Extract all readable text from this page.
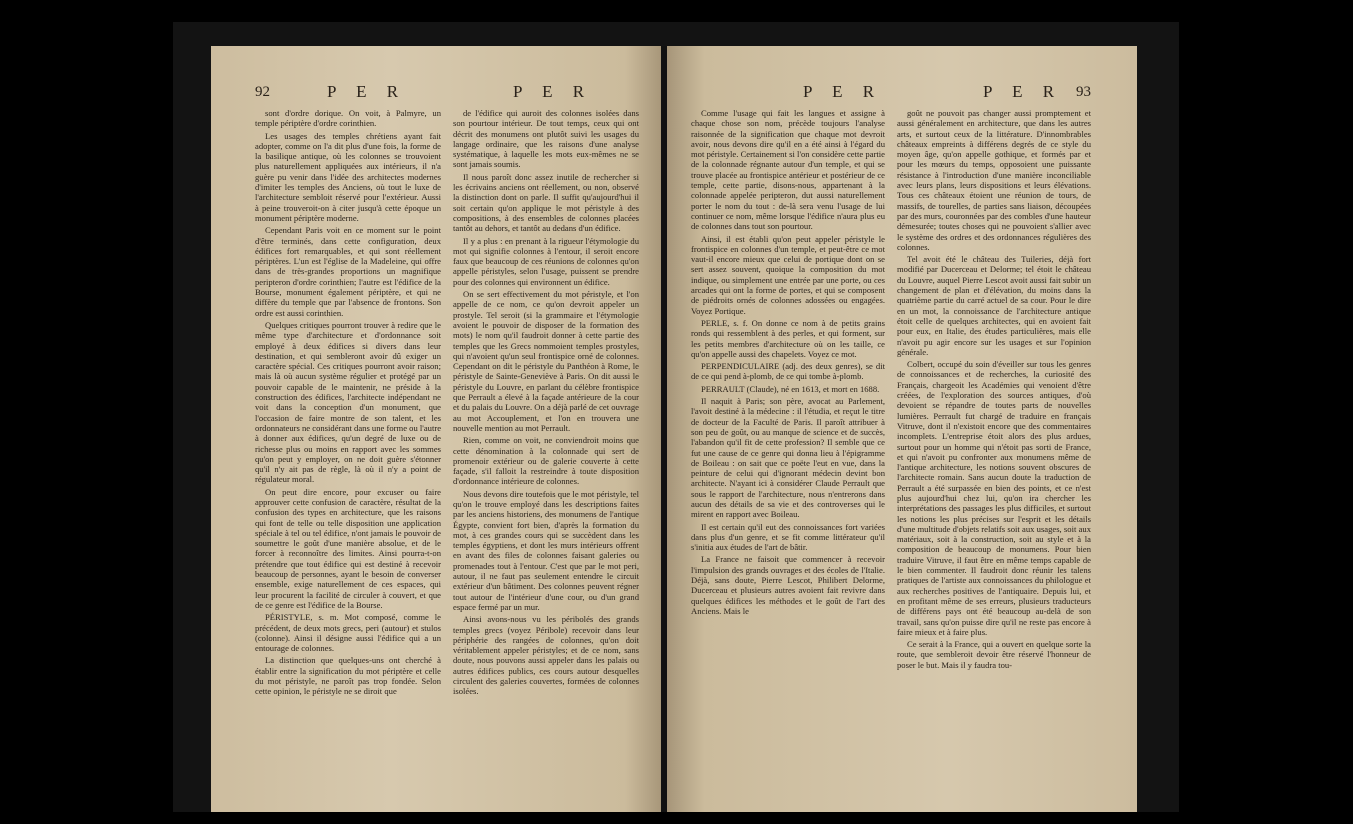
92	P E R	P E R

sont d'ordre dorique. On voit, à Palmyre, un temple périptère d'ordre corinthien.

Les usages des temples chrétiens ayant fait adopter, comme on l'a dit plus d'une fois, la forme de la basilique antique, où les colonnes se trouvoient plus naturellement appliquées aux intérieurs, il n'a guère pu venir dans l'idée des architectes modernes d'imiter les temples des Anciens, où tout le luxe de l'architecture sembloit réservé pour l'extérieur. Aussi à peine trouveroit-on à citer jusqu'à cette époque un monument périptère moderne.

Cependant Paris voit en ce moment sur le point d'être terminés, dans cette configuration, deux édifices fort remarquables, et qui sont réellement périptères. L'un est l'église de la Madeleine, qui offre dans de très-grandes proportions un magnifique peripteron d'ordre corinthien; l'autre est l'édifice de la Bourse, monument également périptère, et qui ne diffère du temple que par l'absence de frontons. Son ordre est aussi corinthien.

Quelques critiques pourront trouver à redire que le même type d'architecture et d'ordonnance soit employé à deux édifices si divers dans leur destination, et qui sembleront avoir dû exiger un caractère spécial. Ces critiques pourront avoir raison; mais là où aucun système régulier et protégé par un pouvoir capable de le maintenir, ne préside à la construction des édifices, l'architecte indépendant ne voit dans la conception d'un monument, que l'occasion de faire montre de son talent, et les ordonnateurs ne considérant dans une forme ou l'autre à donner aux édifices, qu'un degré de luxe ou de richesse plus ou moins en rapport avec les sommes qu'on peut y employer, on ne doit guère s'étonner qu'il n'y ait pas de règle, là où il n'y a point de régulateur moral.

On peut dire encore, pour excuser ou faire approuver cette confusion de caractère, résultat de la confusion des types en architecture, que les raisons qui font de telle ou telle disposition une application spéciale à tel ou tel édifice, n'ont jamais le pouvoir de soumettre le goût d'une manière absolue, et de le forcer à reconnoître des limites. Ainsi pourra-t-on prétendre que tout édifice qui est destiné à recevoir beaucoup de personnes, ayant le besoin de converser ensemble, exige naturellement de ces espaces, qui leur procurent la facilité de circuler à couvert, et que de ce genre est l'édifice de la Bourse.

PÉRISTYLE, s. m. Mot composé, comme le précédent, de deux mots grecs, peri (autour) et stulos (colonne). Ainsi il désigne aussi l'édifice qui a un entourage de colonnes.

La distinction que quelques-uns ont cherché à établir entre la signification du mot périptère et celle du mot péristyle, ne paroît pas trop fondée. Selon cette opinion, le péristyle ne se diroit que

de l'édifice qui auroit des colonnes isolées dans son pourtour intérieur. De tout temps, ceux qui ont décrit des monumens ont plutôt suivi les usages du langage ordinaire, que les raisons d'une analyse systématique, à laquelle les mots eux-mêmes ne se sont jamais soumis.

Il nous paroît donc assez inutile de rechercher si les écrivains anciens ont réellement, ou non, observé la distinction dont on parle. Il suffit qu'aujourd'hui il soit certain qu'on applique le mot péristyle à des compositions, à des ensembles de colonnes placées tantôt au dehors, et tantôt au dedans d'un édifice.

Il y a plus : en prenant à la rigueur l'étymologie du mot qui signifie colonnes à l'entour, il seroit encore faux que beaucoup de ces réunions de colonnes qu'on appelle péristyles, selon l'usage, puissent se prendre pour des colonnes qui environnent un édifice.

On se sert effectivement du mot péristyle, et l'on appelle de ce nom, ce qu'on devroit appeler un prostyle. Tel seroit (si la grammaire et l'étymologie avoient le pouvoir de disposer de la formation des mots) le nom qu'il faudroit donner à cette partie des temples que les Grecs nommoient temples prostyles, qui n'avoient qu'un seul frontispice orné de colonnes. Cependant on dit le péristyle du Panthéon à Rome, le péristyle de Sainte-Geneviève à Paris. On dit aussi le péristyle du Louvre, en parlant du célèbre frontispice que Perrault a élevé à la façade antérieure de la cour et du palais du Louvre. On a déjà parlé de cet ouvrage au mot Accouplement, et l'on en trouvera une nouvelle mention au mot Perrault.

Rien, comme on voit, ne conviendroit moins que cette dénomination à la colonnade qui sert de promenoir extérieur ou de galerie couverte à cette façade, s'il falloit la restreindre à toute disposition d'ordonnance intérieure de colonnes.

Nous devons dire toutefois que le mot péristyle, tel qu'on le trouve employé dans les descriptions faites par les anciens historiens, des monumens de l'antique Égypte, convient fort bien, d'après la formation du mot, à ces grandes cours qui se succèdent dans les temples égyptiens, et dont les murs intérieurs offrent en avant des files de colonnes faisant galeries ou promenades tout à l'entour. C'est que par le mot peri, autour, il ne faut pas seulement entendre le circuit extérieur d'un bâtiment. Des colonnes peuvent régner tout autour de l'intérieur d'une cour, ou d'un grand espace fermé par un mur.

Ainsi avons-nous vu les péribolés des grands temples grecs (voyez Péribole) recevoir dans leur périphérie des rangées de colonnes, qu'on doit véritablement appeler péristyles; et de ce nom, sans doute, nous pouvons aussi appeler dans les palais ou autres édifices publics, ces cours autour desquelles circulent des galeries couvertes, formées de colonnes isolées.

P E R	P E R 93

Comme l'usage qui fait les langues et assigne à chaque chose son nom, précède toujours l'analyse raisonnée de la signification que chaque mot devroit avoir, nous devons dire qu'il en a été ainsi à l'égard du mot péristyle. Certainement si l'on considère cette partie de la colonnade régnante autour d'un temple, et qui se trouve placée au frontispice antérieur et postérieur de ce temple, cette partie, disons-nous, appartenant à la colonnade appelée peripteron, dut aussi naturellement porter le nom du tout : de-là sera venu l'usage de lui continuer ce nom, même lorsque l'édifice n'aura plus eu de colonnes dans tout son pourtour.

Ainsi, il est établi qu'on peut appeler péristyle le frontispice en colonnes d'un temple, et peut-être ce mot vaut-il encore mieux que celui de portique dont on se sert assez souvent, quoique la composition du mot indique, ou simplement une entrée par une porte, ou ces arcades qui ont la forme de portes, et qui se composent de piédroits ornés de colonnes adossées ou engagées. Voyez Portique.

PERLE, s. f. On donne ce nom à de petits grains ronds qui ressemblent à des perles, et qui forment, sur les petits membres d'architecture où on les taille, ce qu'on appelle aussi des chapelets. Voyez ce mot.

PERPENDICULAIRE (adj. des deux genres), se dit de ce qui pend à-plomb, de ce qui tombe à-plomb.

PERRAULT (Claude), né en 1613, et mort en 1688.

Il naquit à Paris; son père, avocat au Parlement, l'avoit destiné à la médecine : il l'étudia, et reçut le titre de docteur de la Faculté de Paris. Il paroît attribuer à son peu de goût, ou au manque de science et de succès, l'abandon qu'il fit de cette profession? Il semble que ce fut une cause de ce genre qui donna lieu à l'épigramme de Boileau : on sait que ce poëte l'eut en vue, dans la peinture de celui qui d'ignorant médecin devint bon architecte. N'ayant ici à considérer Claude Perrault que sous le rapport de l'architecture, nous n'entrerons dans aucun des détails de sa vie et des controverses qui le mirent en rapport avec Boileau.

Il est certain qu'il eut des connoissances fort variées dans plus d'un genre, et se fit comme littérateur qu'il s'initia aux études de l'art de bâtir.

La France ne faisoit que commencer à recevoir l'impulsion des grands ouvrages et des écoles de l'Italie. Déjà, sans doute, Pierre Lescot, Philibert Delorme, Ducerceau et plusieurs autres avoient fait revivre dans quelques édifices les méthodes et le goût de l'art des Anciens. Mais le

goût ne pouvoit pas changer aussi promptement et aussi généralement en architecture, que dans les autres arts, et surtout ceux de la littérature. D'innombrables châteaux empreints à différens degrés de ce style du moyen âge, qu'on appelle gothique, et formés par et pour les mœurs du temps, opposoient une puissante résistance à l'introduction d'une manière inconciliable avec leurs plans, leurs dispositions et leurs élévations. Tous ces châteaux étoient une réunion de tours, de massifs, de tourelles, de parties sans liaison, découpées par des murs, couronnées par des combles d'une hauteur démesurée; toutes choses qui ne pouvoient s'allier avec le système des ordres et des ordonnances régulières des colonnes.

Tel avoit été le château des Tuileries, déjà fort modifié par Ducerceau et Delorme; tel étoit le château du Louvre, auquel Pierre Lescot avoit aussi fait subir un changement de plan et d'élévation, du moins dans la quatrième partie du carré actuel de sa cour. Pour le dire en un mot, la connoissance de l'architecture antique étoit celle de quelques architectes, qui en avoient fait pour eux, en Italie, des études particulières, mais elle n'avoit pu agir encore sur les usages et sur l'opinion générale.

Colbert, occupé du soin d'éveiller sur tous les genres de connoissances et de recherches, la curiosité des Français, chargeoit les Académies qui venoient d'être créées, de l'exploration des sources antiques, d'où devoient se répandre de toutes parts de nouvelles lumières. Perrault fut chargé de traduire en français Vitruve, dont il n'existoit encore que des commentaires incomplets. L'entreprise étoit alors des plus ardues, surtout pour un homme qui n'étoit pas sorti de France, et qui n'avoit pu confronter aux monumens même de l'antique architecture, les notions souvent obscures de l'architecte romain. Sans aucun doute la traduction de Perrault a été surpassée en bien des points, et ce n'est plus aujourd'hui chez lui, qu'on ira chercher les interprétations des passages les plus difficiles, et surtout les notions les plus précises sur l'esprit et les détails d'une multitude d'objets relatifs soit aux usages, soit aux matériaux, soit à la construction, soit au style et à la composition de beaucoup de monumens. Pour bien traduire Vitruve, il faut être en même temps capable de le bien commenter. Il faudroit donc réunir les talens pratiques de l'artiste aux connoissances du philologue et aux recherches positives de l'antiquaire. Depuis lui, et en profitant même de ses erreurs, plusieurs traducteurs de différens pays ont été beaucoup au-delà de son travail, sans qu'on puisse dire qu'il ne reste pas encore à faire mieux et à faire plus.

Ce serait à la France, qui a ouvert en quelque sorte la route, que sembleroit devoir être réservé l'honneur de poser le but. Mais il y faudra tou-
